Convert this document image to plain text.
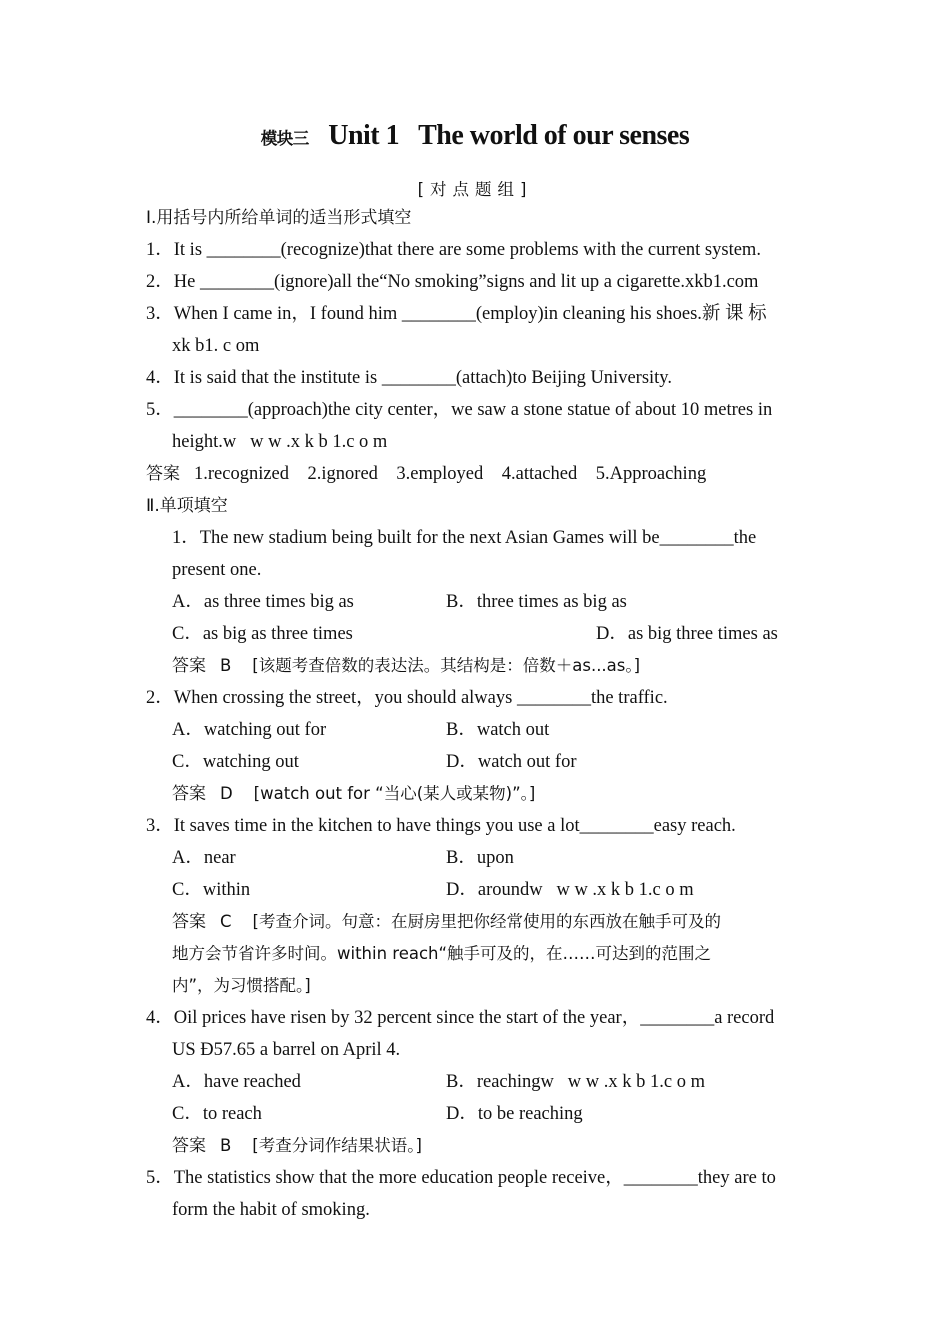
模块三 Unit 1   The world of our senses
[对点题组]
Ⅰ.用括号内所给单词的适当形式填空
1．It is ________(recognize)that there are some problems with the current system.
2．He ________(ignore)all the“No smoking”signs and lit up a cigarette.xkb1.com
3．When I came in，I found him ________(employ)in cleaning his shoes.新 课 标
xk b1. c om
4．It is said that the institute is ________(attach)to Beijing University.
5．________(approach)the city center，we saw a stone statue of about 10 metres in
height.w   w w .x k b 1.c o m
答案 1.recognized    2.ignored    3.employed    4.attached    5.Approaching
Ⅱ.单项填空
1．The new stadium being built for the next Asian Games will be________the
present one.
A．as three times big as	B．three times as big as
C．as big as three times	D．as big three times as
答案 B    [该题考查倍数的表达法。其结构是：倍数＋as...as。]
2．When crossing the street，you should always ________the traffic.
A．watching out for	B．watch out
C．watching out	D．watch out for
答案 D    [watch out for “当心(某人或某物)”。]
3．It saves time in the kitchen to have things you use a lot________easy reach.
A．near	B．upon
C．within	D．aroundw   w w .x k b 1.c o m
答案 C    [考查介词。句意：在厨房里把你经常使用的东西放在触手可及的
地方会节省许多时间。within reach“触手可及的，在……可达到的范围之
内”，为习惯搭配。]
4．Oil prices have risen by 32 percent since the start of the year，________a record
US Ð57.65 a barrel on April 4.
A．have reached	B．reachingw   w w .x k b 1.c o m
C．to reach	D．to be reaching
答案 B    [考查分词作结果状语。]
5．The statistics show that the more education people receive，________they are to
form the habit of smoking.
